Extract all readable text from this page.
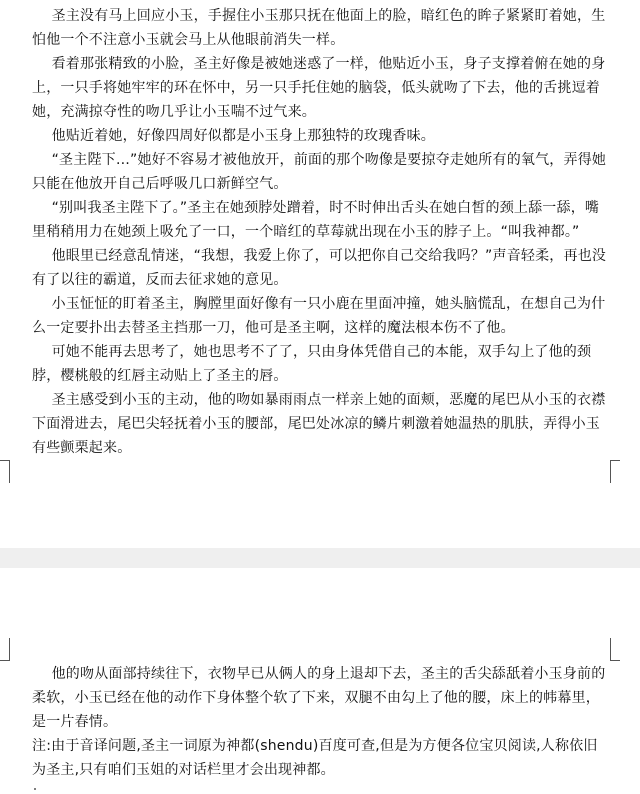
圣主没有马上回应小玉，手握住小玉那只抚在他面上的脸，暗红色的眸子紧紧盯着她，生怕他一个不注意小玉就会马上从他眼前消失一样。

看着那张精致的小脸，圣主好像是被她迷惑了一样，他贴近小玉，身子支撑着俯在她的身上，一只手将她牢牢的环在怀中，另一只手托住她的脑袋，低头就吻了下去，他的舌挑逗着她，充满掠夺性的吻几乎让小玉喘不过气来。

他贴近着她，好像四周好似都是小玉身上那独特的玫瑰香味。

“圣主陛下…”她好不容易才被他放开，前面的那个吻像是要掠夺走她所有的氧气，弄得她只能在他放开自己后呼吸几口新鲜空气。

“别叫我圣主陛下了。”圣主在她颈脖处蹭着，时不时伸出舌头在她白皙的颈上舔一舔，嘴里稍稍用力在她颈上吸允了一口，一个暗红的草莓就出现在小玉的脖子上。“叫我神都。”

他眼里已经意乱情迷，“我想，我爱上你了，可以把你自己交给我吗？”声音轻柔，再也没有了以往的霸道，反而去征求她的意见。

小玉怔怔的盯着圣主，胸膛里面好像有一只小鹿在里面冲撞，她头脑慌乱，在想自己为什么一定要扑出去替圣主挡那一刀，他可是圣主啊，这样的魔法根本伤不了他。

可她不能再去思考了，她也思考不了了，只由身体凭借自己的本能，双手勾上了他的颈脖，樱桃般的红唇主动贴上了圣主的唇。

圣主感受到小玉的主动，他的吻如暴雨雨点一样亲上她的面颊，恶魔的尾巴从小玉的衣襟下面滑进去，尾巴尖轻抚着小玉的腰部，尾巴处冰凉的鳞片刺激着她温热的肌肤，弄得小玉有些颤栗起来。

他的吻从面部持续往下，衣物早已从俩人的身上退却下去，圣主的舌尖舔舐着小玉身前的柔软，小玉已经在他的动作下身体整个软了下来，双腿不由勾上了他的腰，床上的帏幕里，是一片春情。

注:由于音译问题,圣主一词原为神都(shendu)百度可查,但是为方便各位宝贝阅读,人称依旧为圣主,只有咱们玉姐的对话栏里才会出现神都。
